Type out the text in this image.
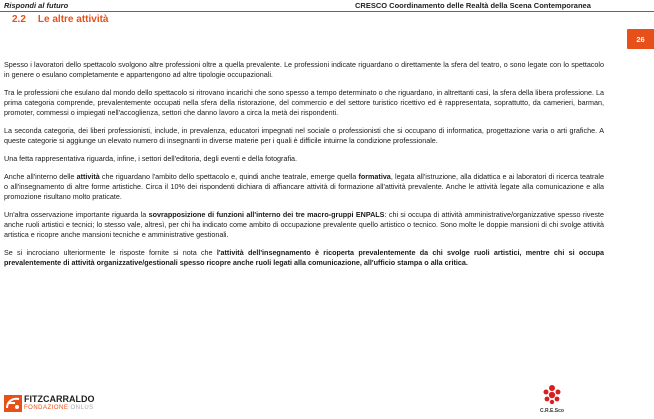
Rispondi al futuro	CRESCO Coordinamento delle Realtà della Scena Contemporanea
2.2 Le altre attività
26

Spesso i lavoratori dello spettacolo svolgono altre professioni oltre a quella prevalente. Le professioni indicate riguardano o direttamente la sfera del teatro, o sono legate con lo spettacolo in genere o esulano completamente e appartengono ad altre tipologie occupazionali.

Tra le professioni che esulano dal mondo dello spettacolo si ritrovano incarichi che sono spesso a tempo determinato o che riguardano, in altrettanti casi, la sfera della libera professione. La prima categoria comprende, prevalentemente occupati nella sfera della ristorazione, del commercio e del settore turistico ricettivo ed è rappresentata, soprattutto, da camerieri, barman, promoter, commessi o impiegati nell'accoglienza, settori che danno lavoro a circa la metà dei rispondenti.

La seconda categoria, dei liberi professionisti, include, in prevalenza, educatori impegnati nel sociale o professionisti che si occupano di informatica, progettazione varia o arti grafiche. A queste categorie si aggiunge un elevato numero di insegnanti in diverse materie per i quali è difficile intuirne la condizione professionale.

Una fetta rappresentativa riguarda, infine, i settori dell'editoria, degli eventi e della fotografia.

Anche all'interno delle attività che riguardano l'ambito dello spettacolo e, quindi anche teatrale, emerge quella formativa, legata all'istruzione, alla didattica e ai laboratori di ricerca teatrale o all'insegnamento di altre forme artistiche. Circa il 10% dei rispondenti dichiara di affiancare attività di formazione all'attività prevalente. Anche le attività legate alla comunicazione e alla promozione risultano molto praticate.

Un'altra osservazione importante riguarda la sovrapposizione di funzioni all'interno dei tre macro-gruppi ENPALS: chi si occupa di attività amministrative/organizzative spesso riveste anche ruoli artistici e tecnici; lo stesso vale, altresì, per chi ha indicato come ambito di occupazione prevalente quello artistico o tecnico. Sono molte le doppie mansioni di chi svolge attività artistica e ricopre anche mansioni tecniche e amministrative gestionali.

Se si incrociano ulteriormente le risposte fornite si nota che l'attività dell'insegnamento è ricoperta prevalentemente da chi svolge ruoli artistici, mentre chi si occupa prevalentemente di attività organizzative/gestionali spesso ricopre anche ruoli legati alla comunicazione, all'ufficio stampa o alla critica.

FITZCARRALDO
FONDAZIONE ONLUS	C.R.E.Sco
